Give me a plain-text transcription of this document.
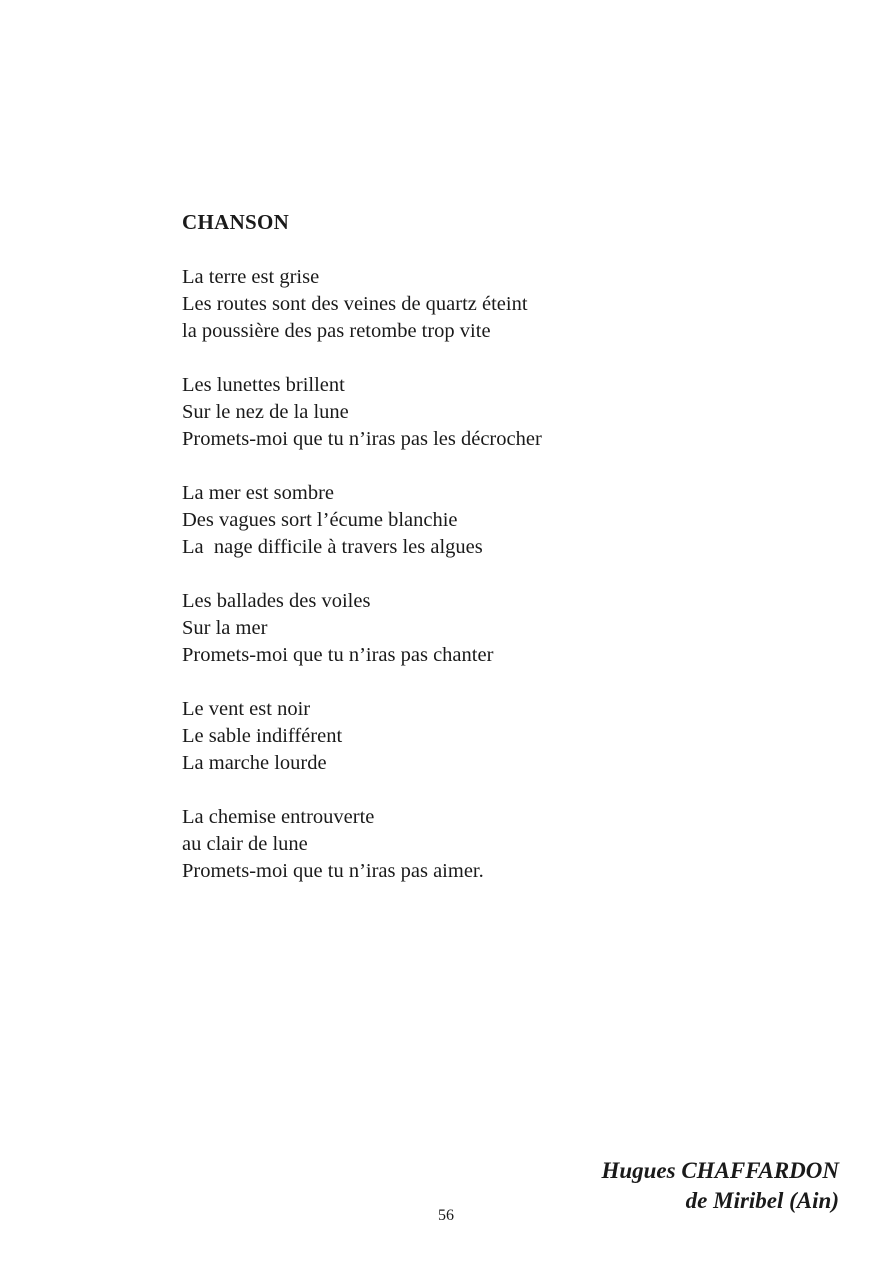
CHANSON
La terre est grise
Les routes sont des veines de quartz éteint
la poussière des pas retombe trop vite
Les lunettes brillent
Sur le nez de la lune
Promets-moi que tu n’iras pas les décrocher
La mer est sombre
Des vagues sort l’écume blanchie
La  nage difficile à travers les algues
Les ballades des voiles
Sur la mer
Promets-moi que tu n’iras pas chanter
Le vent est noir
Le sable indifférent
La marche lourde
La chemise entrouverte
au clair de lune
Promets-moi que tu n’iras pas aimer.
Hugues CHAFFARDON
de Miribel (Ain)
56
